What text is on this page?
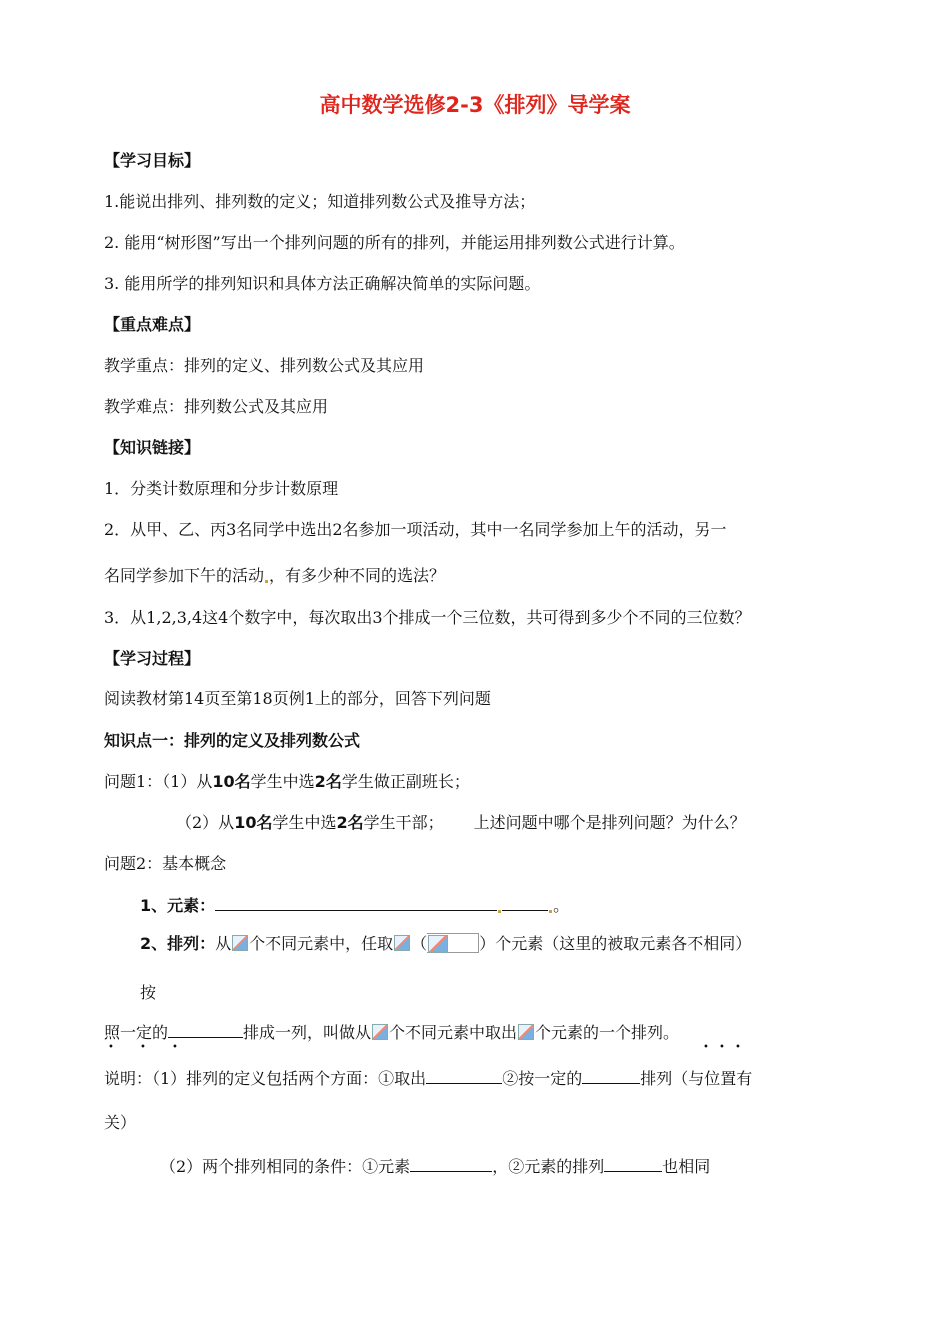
高中数学选修2-3《排列》导学案
【学习目标】
1.能说出排列、排列数的定义；知道排列数公式及推导方法；
2. 能用“树形图”写出一个排列问题的所有的排列，并能运用排列数公式进行计算。
3. 能用所学的排列知识和具体方法正确解决简单的实际问题。
【重点难点】
教学重点：排列的定义、排列数公式及其应用
教学难点：排列数公式及其应用
【知识链接】
1．分类计数原理和分步计数原理
2．从甲、乙、丙3名同学中选出2名参加一项活动，其中一名同学参加上午的活动，另一
名同学参加下午的活动 ，有多少种不同的选法？
3．从1,2,3,4这4个数字中，每次取出3个排成一个三位数，共可得到多少个不同的三位数？
【学习过程】
阅读教材第14页至第18页例1上的部分，回答下列问题
知识点一：排列的定义及排列数公式
问题1：（1）从10名学生中选2名学生做正副班长；
（2）从10名学生中选2名学生干部； 上述问题中哪个是排列问题？为什么？
问题2：基本概念
1、元素：	。
2、排列：从 个不同元素中，任取 （	）个元素（这里的被取元素各不相同）
按
照一定的	排成一列，叫做从 个不同元素中取出 个元素的一个排列。
•	•	•	• • •
说明：（1）排列的定义包括两个方面：①取出	②按一定的	排列（与位置有
关）
（2）两个排列相同的条件：①元素	，②元素的排列	也相同
